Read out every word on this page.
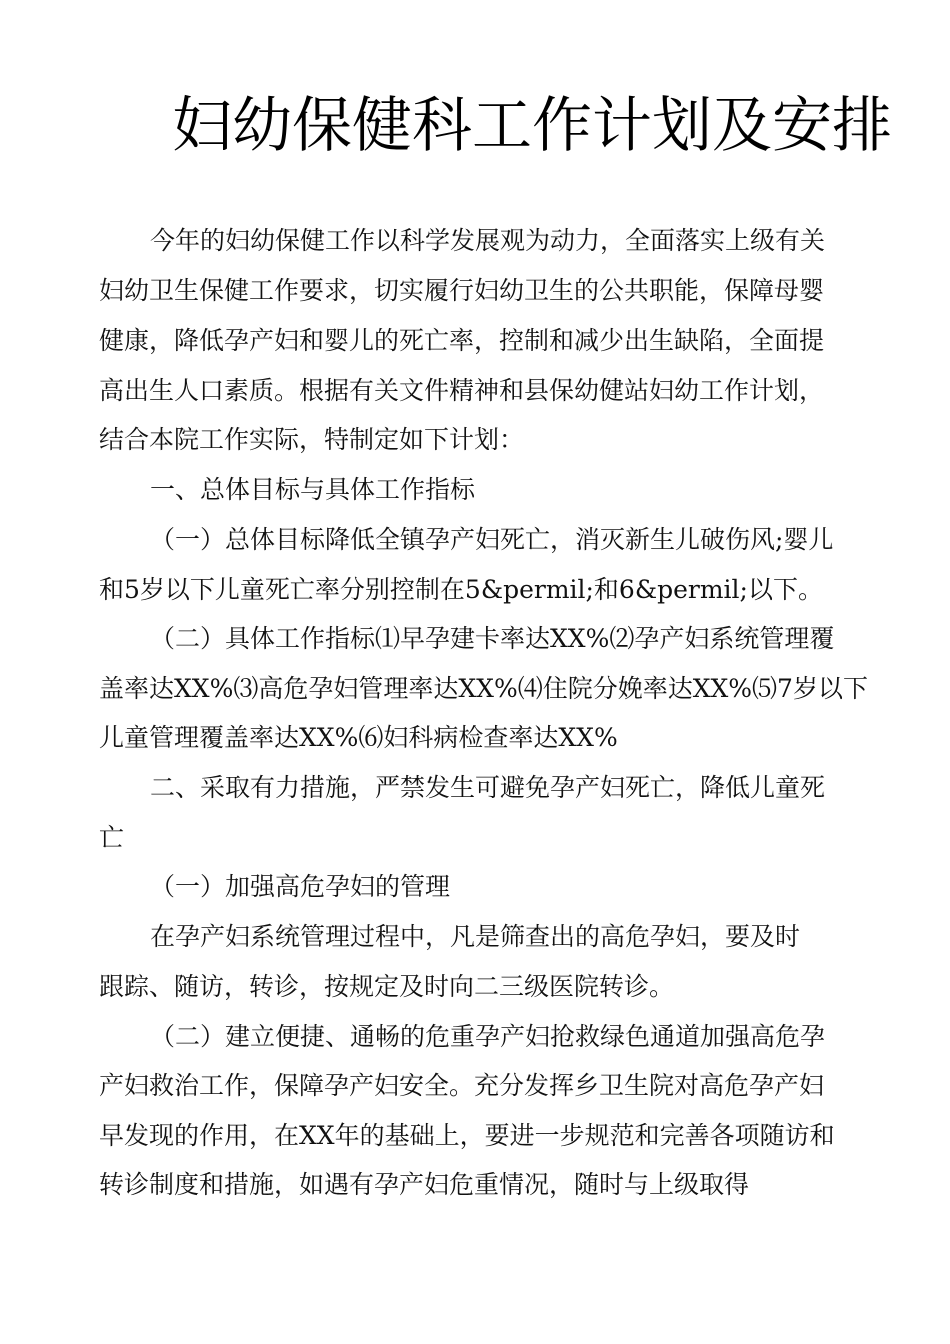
妇幼保健科工作计划及安排
今年的妇幼保健工作以科学发展观为动力，全面落实上级有关
妇幼卫生保健工作要求，切实履行妇幼卫生的公共职能，保障母婴
健康，降低孕产妇和婴儿的死亡率，控制和减少出生缺陷，全面提
高出生人口素质。根据有关文件精神和县保幼健站妇幼工作计划，
结合本院工作实际，特制定如下计划：
一、总体目标与具体工作指标
（一）总体目标降低全镇孕产妇死亡，消灭新生儿破伤风;婴儿
和5岁以下儿童死亡率分别控制在5&permil;和6&permil;以下。
（二）具体工作指标⑴早孕建卡率达XX%⑵孕产妇系统管理覆
盖率达XX%⑶高危孕妇管理率达XX%⑷住院分娩率达XX%⑸7岁以下
儿童管理覆盖率达XX%⑹妇科病检查率达XX%
二、采取有力措施，严禁发生可避免孕产妇死亡，降低儿童死
亡
（一）加强高危孕妇的管理
在孕产妇系统管理过程中，凡是筛查出的高危孕妇，要及时
跟踪、随访，转诊，按规定及时向二三级医院转诊。
（二）建立便捷、通畅的危重孕产妇抢救绿色通道加强高危孕
产妇救治工作，保障孕产妇安全。充分发挥乡卫生院对高危孕产妇
早发现的作用，在XX年的基础上，要进一步规范和完善各项随访和
转诊制度和措施，如遇有孕产妇危重情况，随时与上级取得
